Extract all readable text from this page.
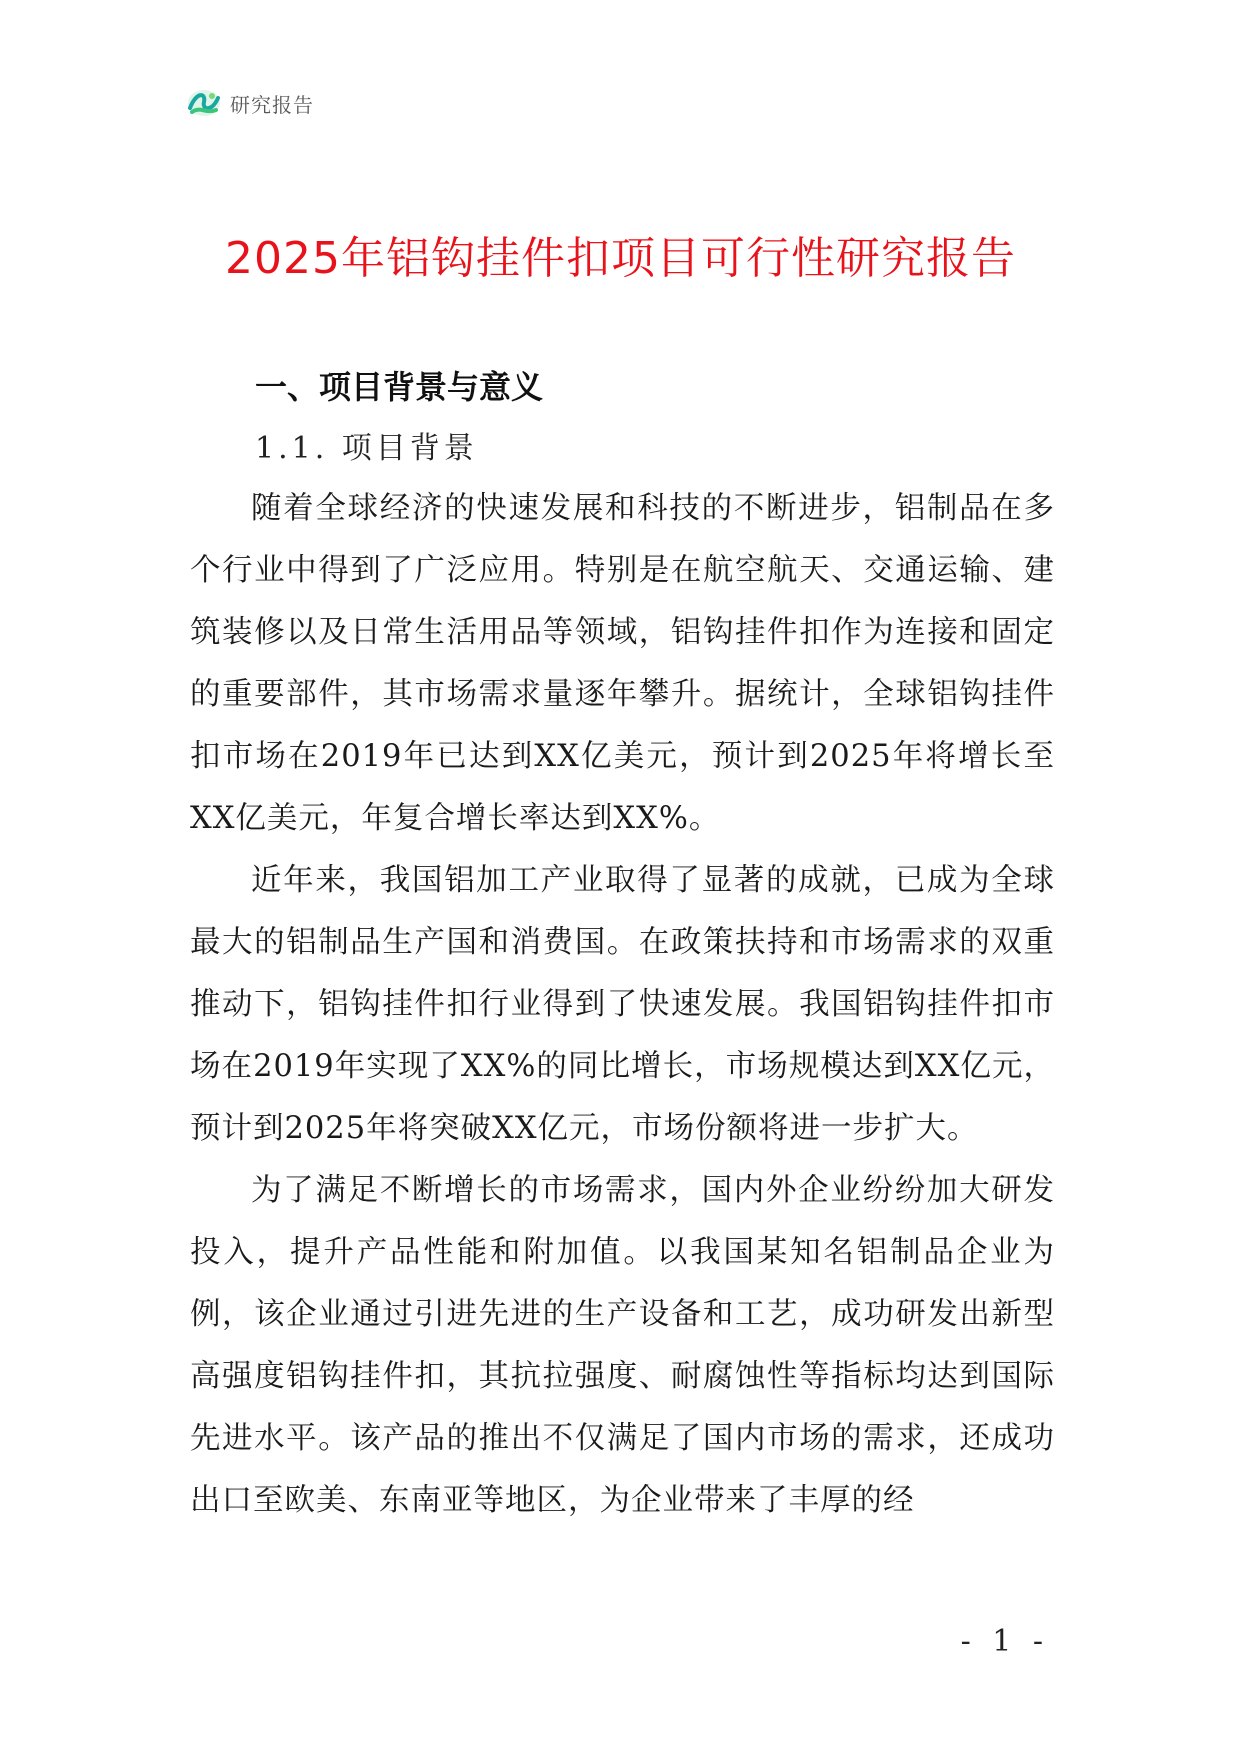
研究报告
2025年铝钩挂件扣项目可行性研究报告
一、项目背景与意义
1.1. 项目背景

随着全球经济的快速发展和科技的不断进步，铝制品在多个行业中得到了广泛应用。特别是在航空航天、交通运输、建筑装修以及日常生活用品等领域，铝钩挂件扣作为连接和固定的重要部件，其市场需求量逐年攀升。据统计，全球铝钩挂件扣市场在2019年已达到XX亿美元，预计到2025年将增长至XX亿美元，年复合增长率达到XX%。

近年来，我国铝加工产业取得了显著的成就，已成为全球最大的铝制品生产国和消费国。在政策扶持和市场需求的双重推动下，铝钩挂件扣行业得到了快速发展。我国铝钩挂件扣市场在2019年实现了XX%的同比增长，市场规模达到XX亿元，预计到2025年将突破XX亿元，市场份额将进一步扩大。

为了满足不断增长的市场需求，国内外企业纷纷加大研发投入，提升产品性能和附加值。以我国某知名铝制品企业为例，该企业通过引进先进的生产设备和工艺，成功研发出新型高强度铝钩挂件扣，其抗拉强度、耐腐蚀性等指标均达到国际先进水平。该产品的推出不仅满足了国内市场的需求，还成功出口至欧美、东南亚等地区，为企业带来了丰厚的经

- 1 -
